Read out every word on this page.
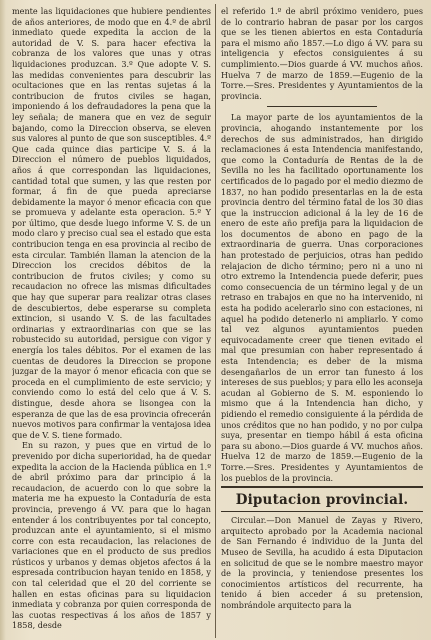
mente las liquidaciones que hubiere pendientes de años anteriores, de modo que en 4.º de abril inmediato quede expedita la accion de la autoridad de V. S. para hacer efectiva la cobranza de los valores que unas y otras liquidaciones produzcan. 3.º Que adopte V. S. las medidas convenientes para descubrir las ocultaciones que en las rentas sujetas á la contribucion de frutos civiles se hagan, imponiendo á los defraudadores la pena que la ley señala; de manera que en vez de seguir bajando, como la Direccion observa, se eleven sus valores al punto de que son susceptibles. 4.º Que cada quince dias participe V. S. á la Direccion el número de pueblos liquidados, años á que correspondan las liquidaciones, cantidad total que sumen, y las que resten por formar, á fin de que pueda apreciarse debidamente la mayor ó menor eficacia con que se promueva y adelante esta operacion. 5.º Y por último, que desde luego informe V. S. de un modo claro y preciso cual sea el estado que esta contribucion tenga en esa provincia al recibo de esta circular. También llaman la atencion de la Direccion los crecidos débitos de la contribucion de frutos civiles; y como su recaudacion no ofrece las mismas dificultades que hay que superar para realizar otras clases de descubiertos, debe esperarse su completa extincion, si usando V. S. de las facultades ordinarias y extraordinarias con que se las robustecido su autoridad, persigue con vigor y energía los tales débitos. Por el examen de las cuentas de deudores la Direccion se propone juzgar de la mayor ó menor eficacia con que se proceda en el cumplimiento de este servicio; y conviendo como lo está del celo que á V. S. distingue, desde ahora se lisongea con la esperanza de que las de esa provincia ofrecerán nuevos motivos para confirmar la ventajosa idea que de V. S. tiene formado.

En su razon, y pues que en virtud de lo prevenido por dicha superioridad, ha de quedar expedita la accion de la Hacienda pública en 1.º de abril próximo para dar principio á la recaudacion, de acuerdo con lo que sobre la materia me ha expuesto la Contaduría de esta provincia, prevengo á VV. para que lo hagan entender á los contribuyentes por tal concepto, produzcan ante el ayuntamiento, si el mismo corre con esta recaudacion, las relaciones de variaciones que en el producto de sus predios rústicos y urbanos y demas objetos afectos á la espresada contribucion hayan tenido en 1858, y con tal celeridad que el 20 del corriente se hallen en estas oficinas para su liquidacion inmediata y cobranza por quien corresponda de las cuotas respectivas á los años de 1857 y 1858, desde

el referido 1.º de abril próximo venidero, pues de lo contrario habran de pasar por los cargos que se les tienen abiertos en esta Contaduría para el mismo año 1857.—Lo digo á VV. para su inteligencia y efectos consiguientes á su cumplimiento.—Dios guarde á VV. muchos años. Huelva 7 de marzo de 1859.—Eugenio de la Torre.—Sres. Presidentes y Ayuntamientos de la provincia.

La mayor parte de los ayuntamientos de la provincia, ahogando instantemente por los derechos de sus administrados, han dirigido reclamaciones á esta Intendencia manifestando, que como la Contaduría de Rentas de la de Sevilla no les ha facilitado oportunamente los certificados de lo pagado por el medio diezmo de 1837, no han podido presentarlas en la de esta provincia dentro del término fatal de los 30 dias que la instruccion adicional á la ley de 16 de enero de este año prefija para la liquidacion de los documentos de abono en pago de la extraordinaria de guerra. Unas corporaciones han protestado de perjuicios, otras han pedido relajacion de dicho término; pero ni a uno ni otro extremo la Intendencia puede deferir, pues como consecuencia de un término legal y de un retraso en trabajos en que no ha intervenido, ni esta ha podido acelerarlo sino con estaciones, ni aquel ha podido detenerlo ni ampliarlo. Y como tal vez algunos ayuntamientos pueden equivocadamente creer que tienen evitado el mal que presumian con haber representado á esta Intendencia; es deber de la misma desengañarlos de un error tan funesto á los intereses de sus pueblos; y para ello les aconseja acudan al Gobierno de S. M. esponiendo lo mismo que á la Intendencia han dicho, y pidiendo el remedio consiguiente á la pérdida de unos créditos que no han podido, y no por culpa suya, presentar en tiempo hábil á esta oficina para su abono.—Dios guarde á VV. muchos años. Huelva 12 de marzo de 1859.—Eugenio de la Torre.—Sres. Presidentes y Ayuntamientos de los pueblos de la provincia.

Diputacion provincial.

Circular.—Don Manuel de Zayas y Rivero, arquitecto aprobado por la Academia nacional de San Fernando é individuo de la Junta del Museo de Sevilla, ha acudido á esta Diputacion en solicitud de que se le nombre maestro mayor de la provincia, y teniendose presentes los conocimientos artísticos del recurrente, ha tenido á bien acceder á su pretension, nombrándole arquitecto para la
